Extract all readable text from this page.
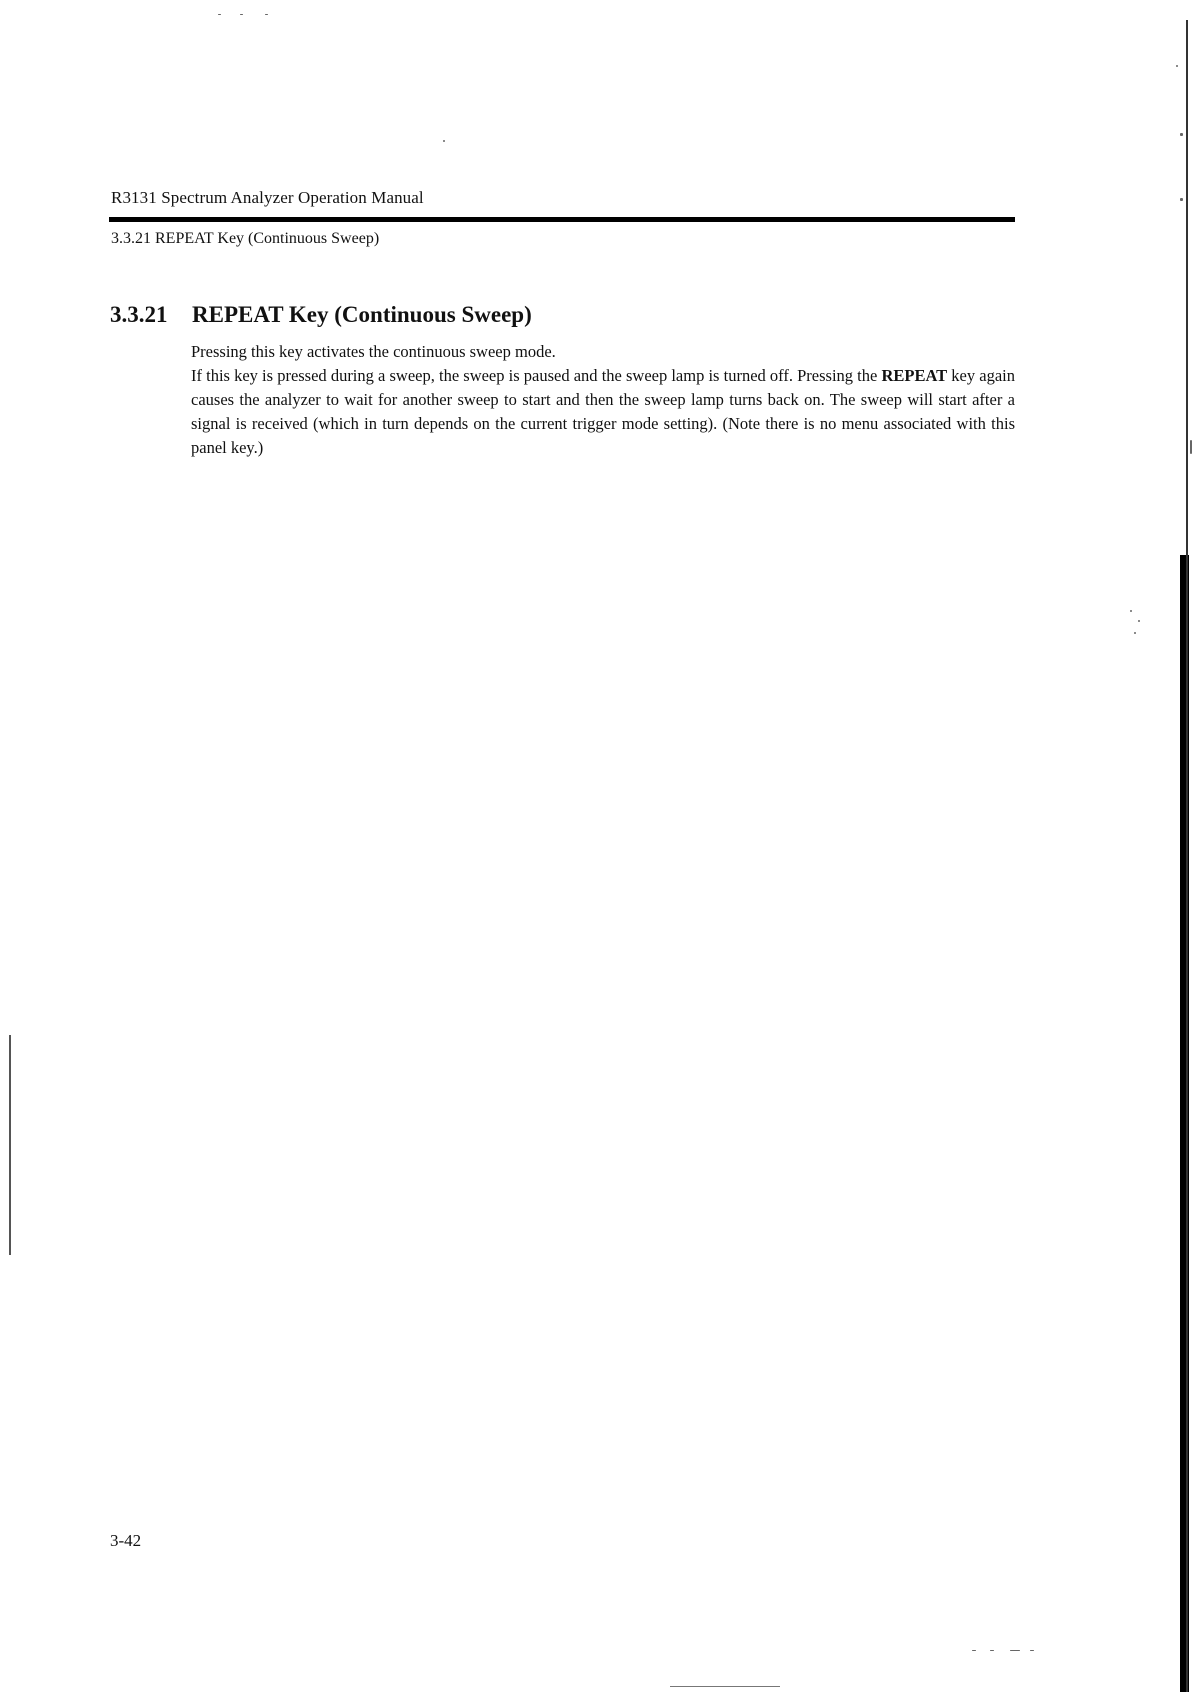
R3131 Spectrum Analyzer Operation Manual
3.3.21 REPEAT Key (Continuous Sweep)
3.3.21 REPEAT Key (Continuous Sweep)

Pressing this key activates the continuous sweep mode.

If this key is pressed during a sweep, the sweep is paused and the sweep lamp is turned off. Pressing the REPEAT key again causes the analyzer to wait for another sweep to start and then the sweep lamp turns back on. The sweep will start after a signal is received (which in turn depends on the current trigger mode setting). (Note there is no menu associated with this panel key.)

3-42
